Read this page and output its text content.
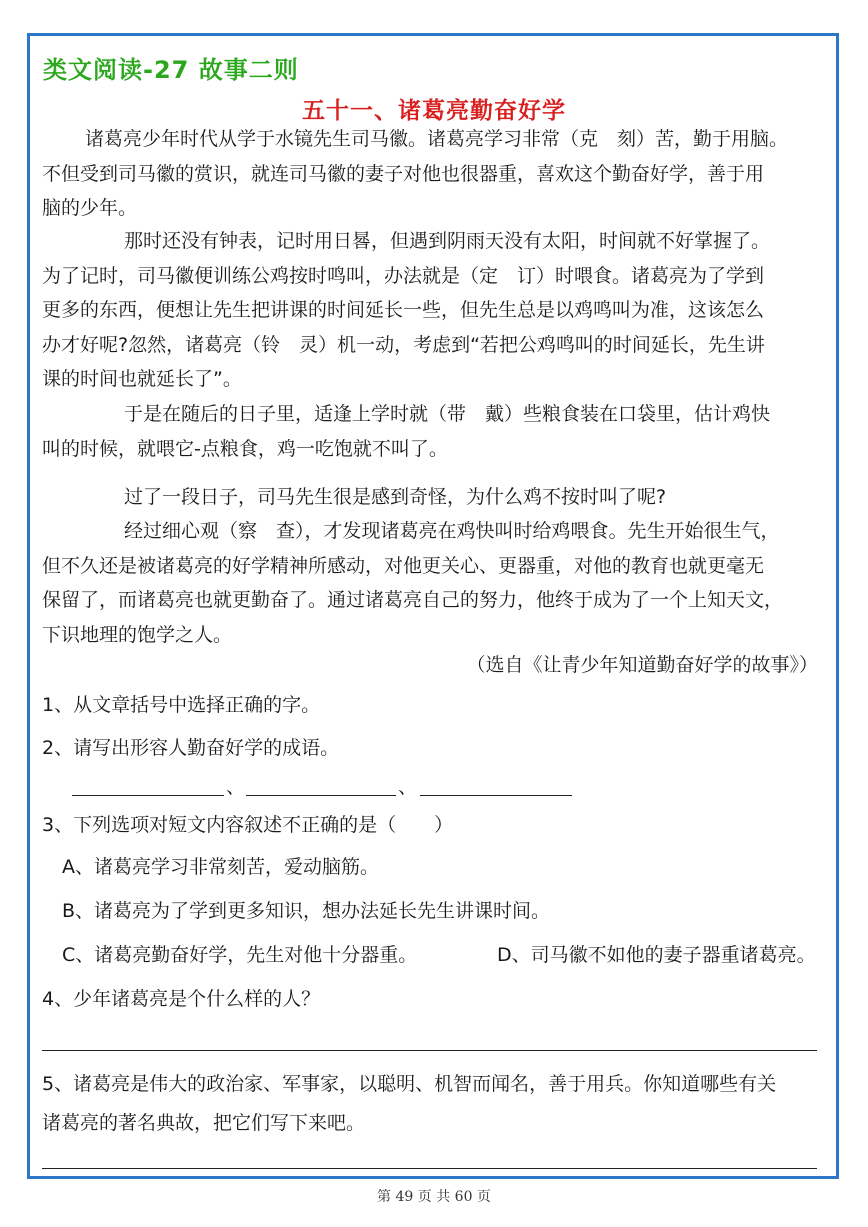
类文阅读-27 故事二则
五十一、诸葛亮勤奋好学
诸葛亮少年时代从学于水镜先生司马徽。诸葛亮学习非常（克　刻）苦，勤于用脑。
不但受到司马徽的赏识，就连司马徽的妻子对他也很器重，喜欢这个勤奋好学，善于用
脑的少年。
那时还没有钟表，记时用日晷，但遇到阴雨天没有太阳，时间就不好掌握了。
为了记时，司马徽便训练公鸡按时鸣叫，办法就是（定　订）时喂食。诸葛亮为了学到
更多的东西，便想让先生把讲课的时间延长一些，但先生总是以鸡鸣叫为准，这该怎么
办才好呢?忽然，诸葛亮（铃　灵）机一动，考虑到“若把公鸡鸣叫的时间延长，先生讲
课的时间也就延长了”。
于是在随后的日子里，适逢上学时就（带　戴）些粮食装在口袋里，估计鸡快
叫的时候，就喂它-点粮食，鸡一吃饱就不叫了。
过了一段日子，司马先生很是感到奇怪，为什么鸡不按时叫了呢?
经过细心观（察　查），才发现诸葛亮在鸡快叫时给鸡喂食。先生开始很生气，
但不久还是被诸葛亮的好学精神所感动，对他更关心、更器重，对他的教育也就更毫无
保留了，而诸葛亮也就更勤奋了。通过诸葛亮自己的努力，他终于成为了一个上知天文，
下识地理的饱学之人。
（选自《让青少年知道勤奋好学的故事》）
1、从文章括号中选择正确的字。
2、请写出形容人勤奋好学的成语。
、	、
3、下列选项对短文内容叙述不正确的是（　　）
A、诸葛亮学习非常刻苦，爱动脑筋。
B、诸葛亮为了学到更多知识，想办法延长先生讲课时间。
C、诸葛亮勤奋好学，先生对他十分器重。	D、司马徽不如他的妻子器重诸葛亮。
4、少年诸葛亮是个什么样的人？
5、诸葛亮是伟大的政治家、军事家，以聪明、机智而闻名，善于用兵。你知道哪些有关
诸葛亮的著名典故，把它们写下来吧。
第 49 页 共 60 页
